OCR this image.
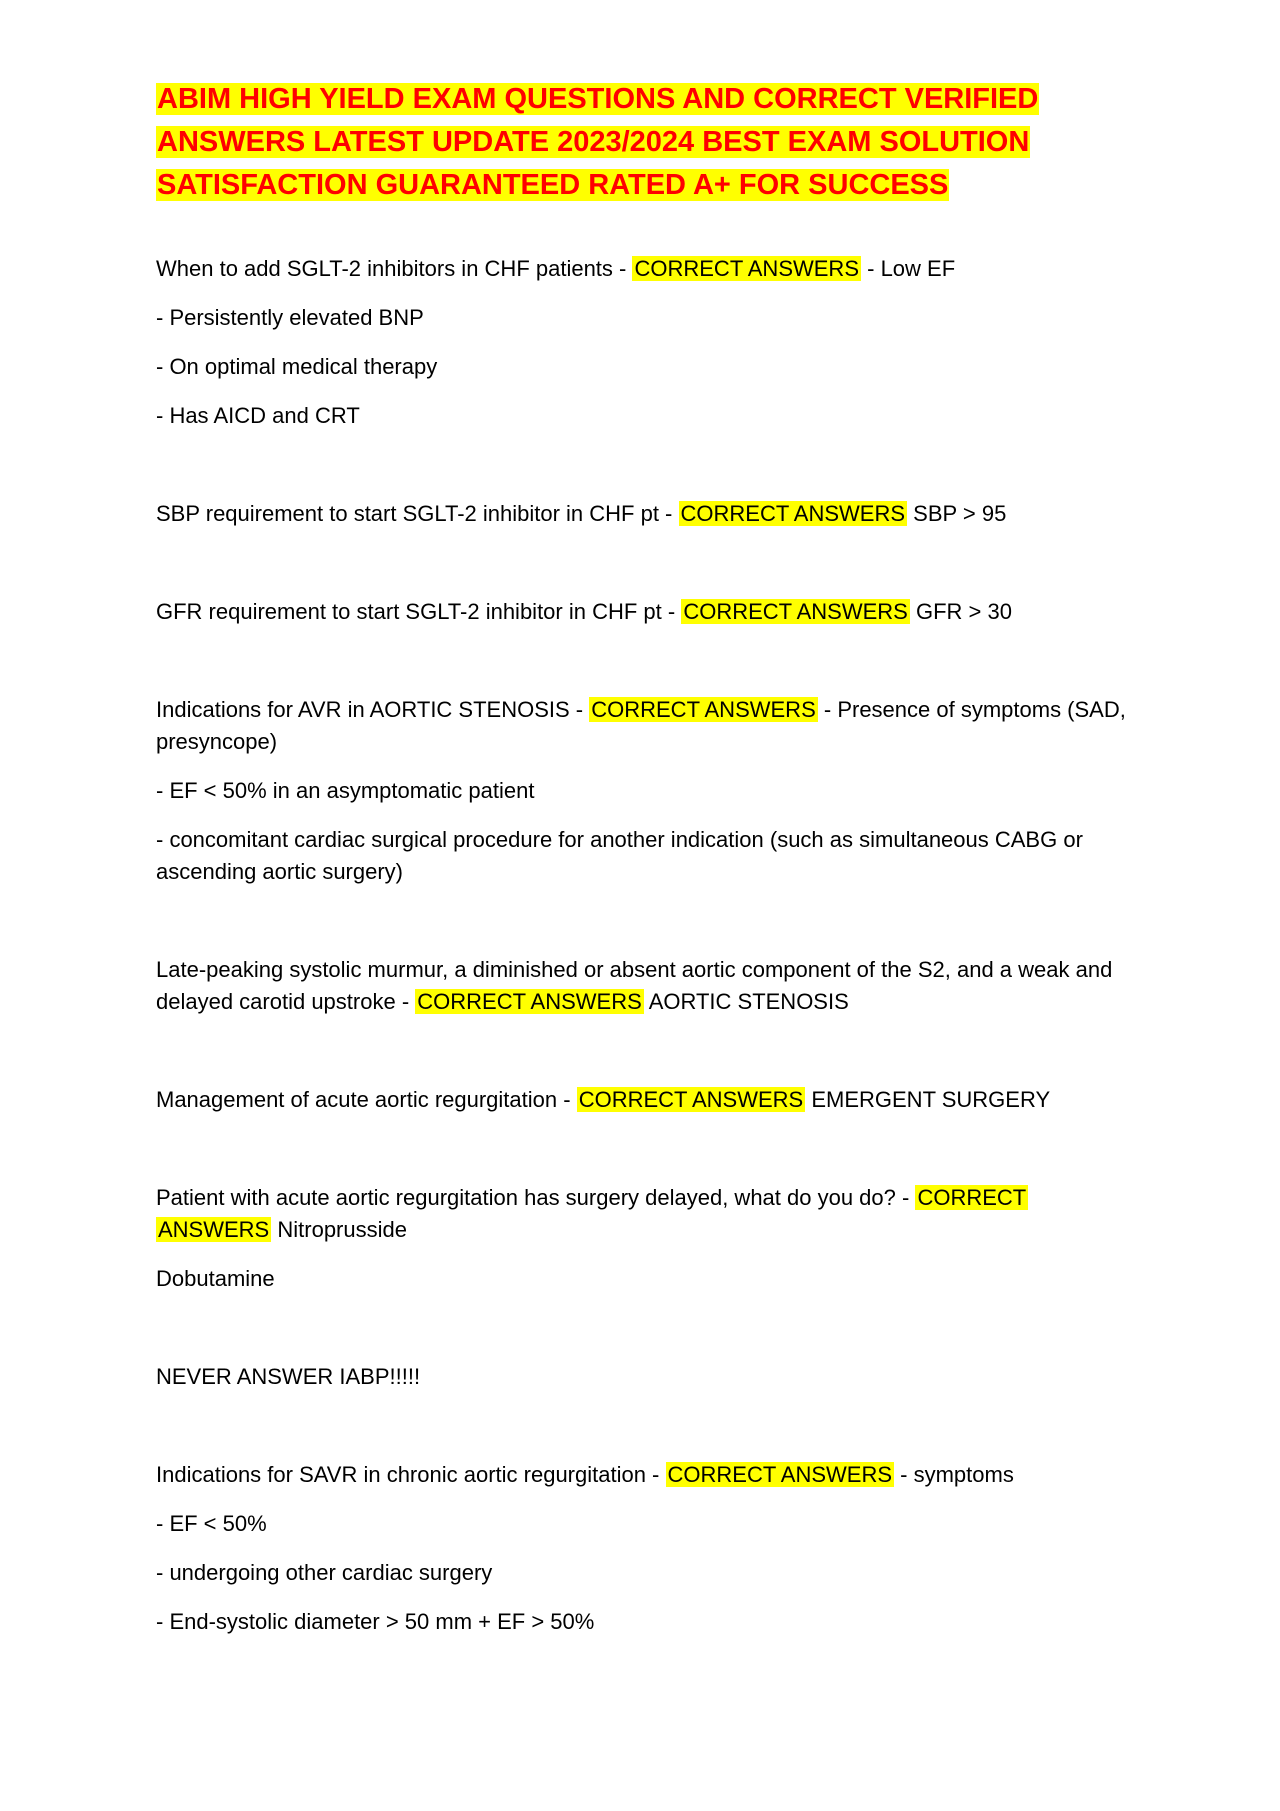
ABIM HIGH YIELD EXAM QUESTIONS AND CORRECT VERIFIED
ANSWERS LATEST UPDATE 2023/2024 BEST EXAM SOLUTION
SATISFACTION GUARANTEED RATED A+ FOR SUCCESS

When to add SGLT-2 inhibitors in CHF patients - CORRECT ANSWERS - Low EF

- Persistently elevated BNP

- On optimal medical therapy

- Has AICD and CRT

SBP requirement to start SGLT-2 inhibitor in CHF pt - CORRECT ANSWERS SBP > 95

GFR requirement to start SGLT-2 inhibitor in CHF pt - CORRECT ANSWERS GFR > 30

Indications for AVR in AORTIC STENOSIS - CORRECT ANSWERS - Presence of symptoms (SAD, presyncope)

- EF < 50% in an asymptomatic patient

- concomitant cardiac surgical procedure for another indication (such as simultaneous CABG or ascending aortic surgery)

Late-peaking systolic murmur, a diminished or absent aortic component of the S2, and a weak and delayed carotid upstroke - CORRECT ANSWERS AORTIC STENOSIS

Management of acute aortic regurgitation - CORRECT ANSWERS EMERGENT SURGERY

Patient with acute aortic regurgitation has surgery delayed, what do you do? - CORRECT
ANSWERS Nitroprusside

Dobutamine

NEVER ANSWER IABP!!!!!

Indications for SAVR in chronic aortic regurgitation - CORRECT ANSWERS - symptoms

- EF < 50%

- undergoing other cardiac surgery

- End-systolic diameter > 50 mm + EF > 50%
